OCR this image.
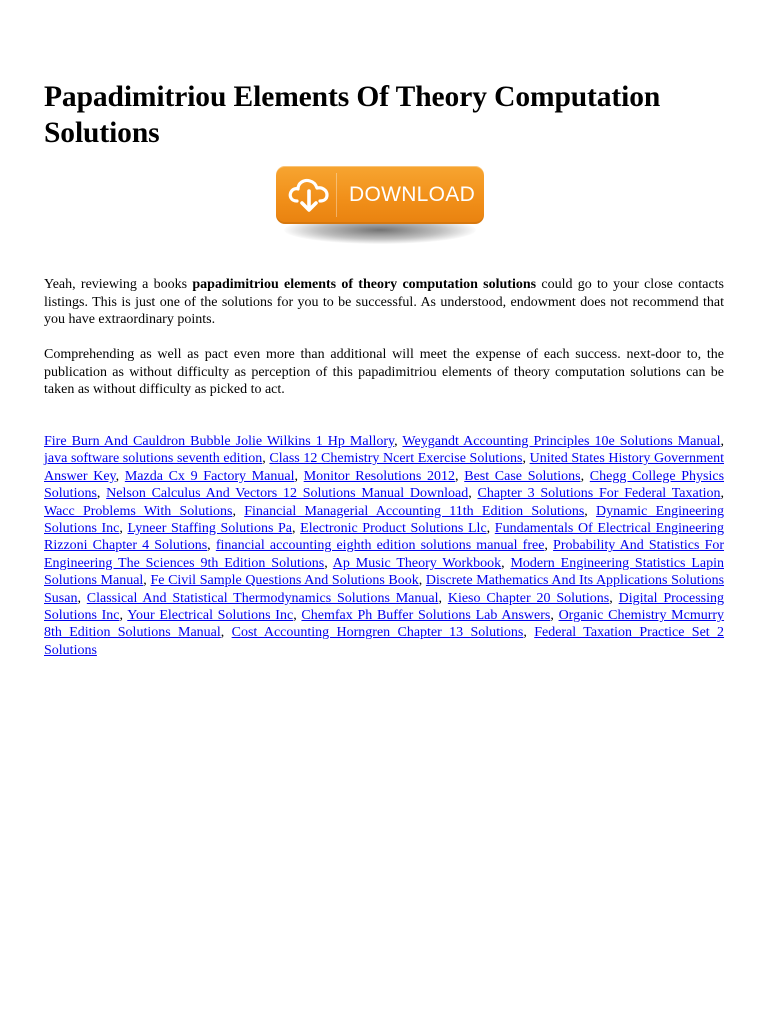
Papadimitriou Elements Of Theory Computation Solutions
DOWNLOAD

Yeah, reviewing a books papadimitriou elements of theory computation solutions could go to your close contacts listings. This is just one of the solutions for you to be successful. As understood, endowment does not recommend that you have extraordinary points.

Comprehending as well as pact even more than additional will meet the expense of each success. next-door to, the publication as without difficulty as perception of this papadimitriou elements of theory computation solutions can be taken as without difficulty as picked to act.

Fire Burn And Cauldron Bubble Jolie Wilkins 1 Hp Mallory, Weygandt Accounting Principles 10e Solutions Manual, java software solutions seventh edition, Class 12 Chemistry Ncert Exercise Solutions, United States History Government Answer Key, Mazda Cx 9 Factory Manual, Monitor Resolutions 2012, Best Case Solutions, Chegg College Physics Solutions, Nelson Calculus And Vectors 12 Solutions Manual Download, Chapter 3 Solutions For Federal Taxation, Wacc Problems With Solutions, Financial Managerial Accounting 11th Edition Solutions, Dynamic Engineering Solutions Inc, Lyneer Staffing Solutions Pa, Electronic Product Solutions Llc, Fundamentals Of Electrical Engineering Rizzoni Chapter 4 Solutions, financial accounting eighth edition solutions manual free, Probability And Statistics For Engineering The Sciences 9th Edition Solutions, Ap Music Theory Workbook, Modern Engineering Statistics Lapin Solutions Manual, Fe Civil Sample Questions And Solutions Book, Discrete Mathematics And Its Applications Solutions Susan, Classical And Statistical Thermodynamics Solutions Manual, Kieso Chapter 20 Solutions, Digital Processing Solutions Inc, Your Electrical Solutions Inc, Chemfax Ph Buffer Solutions Lab Answers, Organic Chemistry Mcmurry 8th Edition Solutions Manual, Cost Accounting Horngren Chapter 13 Solutions, Federal Taxation Practice Set 2 Solutions
